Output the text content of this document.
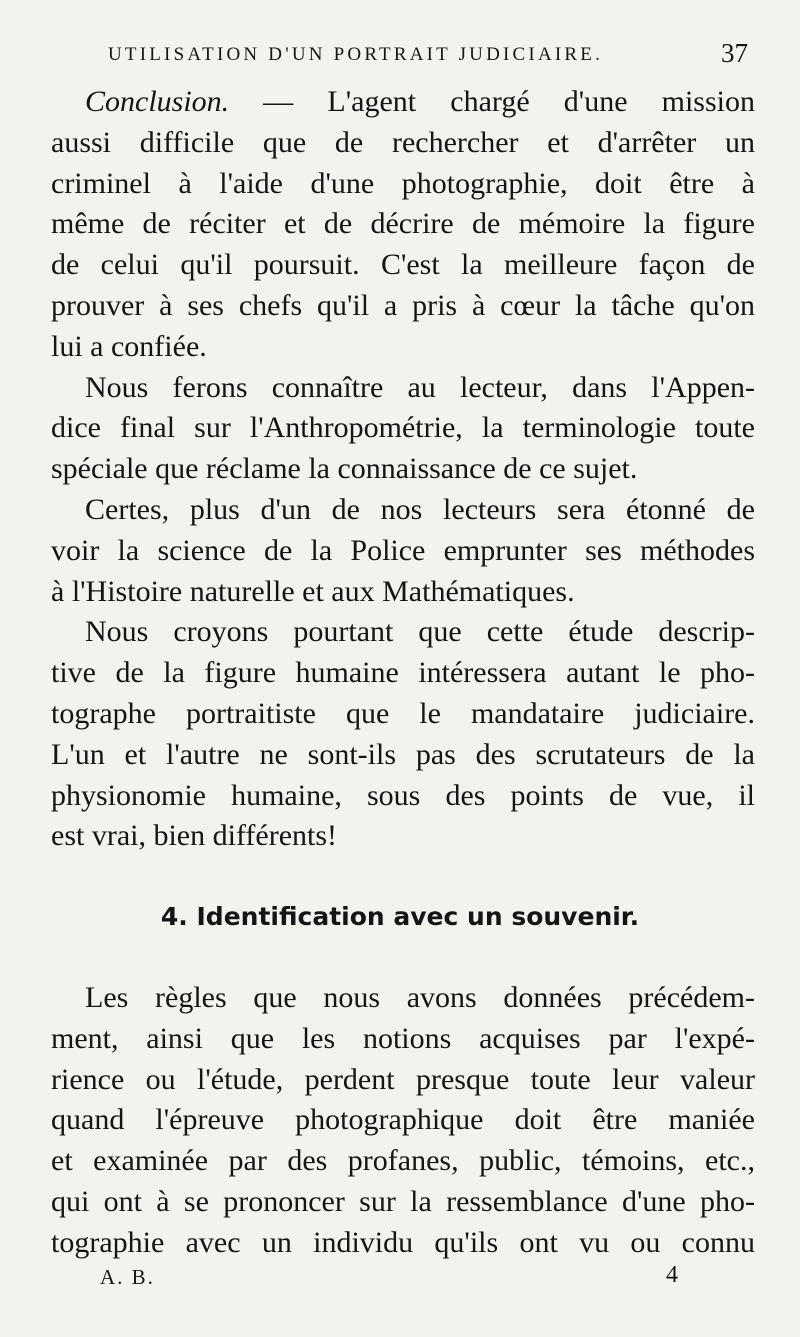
UTILISATION D'UN PORTRAIT JUDICIAIRE.	37

Conclusion. — L'agent chargé d'une mission
aussi difficile que de rechercher et d'arrêter un
criminel à l'aide d'une photographie, doit être à
même de réciter et de décrire de mémoire la figure
de celui qu'il poursuit. C'est la meilleure façon de
prouver à ses chefs qu'il a pris à cœur la tâche qu'on
lui a confiée.

Nous ferons connaître au lecteur, dans l'Appen-
dice final sur l'Anthropométrie, la terminologie toute
spéciale que réclame la connaissance de ce sujet.

Certes, plus d'un de nos lecteurs sera étonné de
voir la science de la Police emprunter ses méthodes
à l'Histoire naturelle et aux Mathématiques.

Nous croyons pourtant que cette étude descrip-
tive de la figure humaine intéressera autant le pho-
tographe portraitiste que le mandataire judiciaire.
L'un et l'autre ne sont-ils pas des scrutateurs de la
physionomie humaine, sous des points de vue, il
est vrai, bien différents!

4. Identification avec un souvenir.

Les règles que nous avons données précédem-
ment, ainsi que les notions acquises par l'expé-
rience ou l'étude, perdent presque toute leur valeur
quand l'épreuve photographique doit être maniée
et examinée par des profanes, public, témoins, etc.,
qui ont à se prononcer sur la ressemblance d'une pho-
tographie avec un individu qu'ils ont vu ou connu

A. B.	4
